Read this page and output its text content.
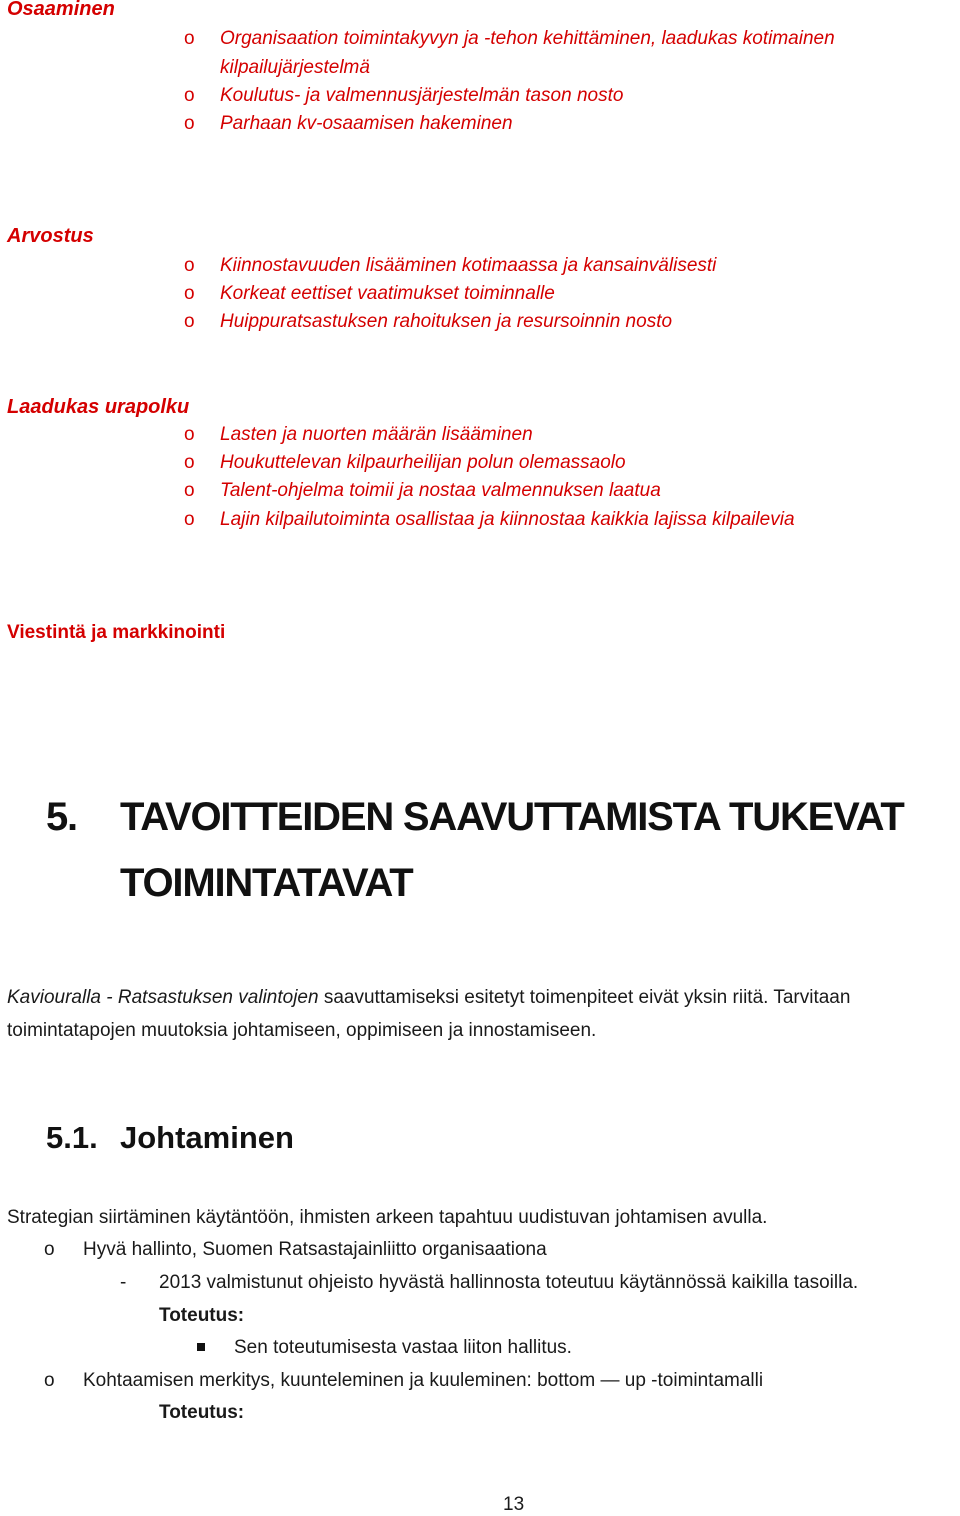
Osaaminen
o Organisaation toimintakyvyn ja -tehon kehittäminen, laadukas kotimainen
kilpailujärjestelmä
o Koulutus- ja valmennusjärjestelmän tason nosto
o Parhaan kv-osaamisen hakeminen
Arvostus
o Kiinnostavuuden lisääminen kotimaassa ja kansainvälisesti
o Korkeat eettiset vaatimukset toiminnalle
o Huippuratsastuksen rahoituksen ja resursoinnin nosto
Laadukas urapolku
o Lasten ja nuorten määrän lisääminen
o Houkuttelevan kilpaurheilijan polun olemassaolo
o Talent-ohjelma toimii ja nostaa valmennuksen laatua
o Lajin kilpailutoiminta osallistaa ja kiinnostaa kaikkia lajissa kilpailevia
Viestintä ja markkinointi
5. TAVOITTEIDEN SAAVUTTAMISTA TUKEVAT
TOIMINTATAVAT
Kaviouralla - Ratsastuksen valintojen saavuttamiseksi esitetyt toimenpiteet eivät yksin riitä. Tarvitaan
toimintatapojen muutoksia johtamiseen, oppimiseen ja innostamiseen.
5.1. Johtaminen
Strategian siirtäminen käytäntöön, ihmisten arkeen tapahtuu uudistuvan johtamisen avulla.
o Hyvä hallinto, Suomen Ratsastajainliitto organisaationa
- 2013 valmistunut ohjeisto hyvästä hallinnosta toteutuu käytännössä kaikilla tasoilla.
Toteutus:
Sen toteutumisesta vastaa liiton hallitus.
o Kohtaamisen merkitys, kuunteleminen ja kuuleminen: bottom — up -toimintamalli
Toteutus:
13
